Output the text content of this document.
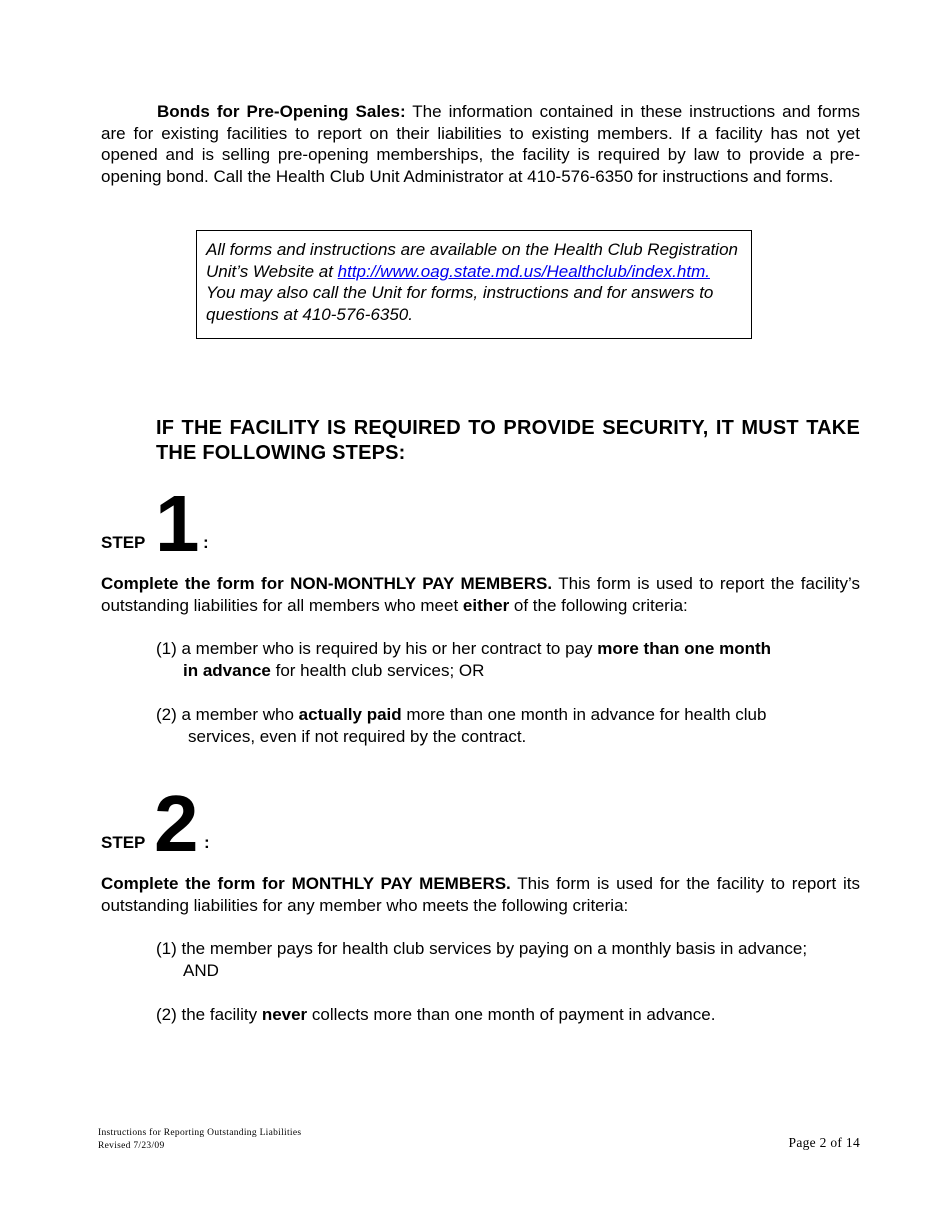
Bonds for Pre-Opening Sales: The information contained in these instructions and forms are for existing facilities to report on their liabilities to existing members. If a facility has not yet opened and is selling pre-opening memberships, the facility is required by law to provide a pre-opening bond. Call the Health Club Unit Administrator at 410-576-6350 for instructions and forms.

All forms and instructions are available on the Health Club Registration Unit’s Website at http://www.oag.state.md.us/Healthclub/index.htm. You may also call the Unit for forms, instructions and for answers to questions at 410-576-6350.

IF THE FACILITY IS REQUIRED TO PROVIDE SECURITY, IT MUST TAKE THE FOLLOWING STEPS:

STEP 1 :

Complete the form for NON-MONTHLY PAY MEMBERS. This form is used to report the facility’s outstanding liabilities for all members who meet either of the following criteria:

(1) a member who is required by his or her contract to pay more than one month
in advance for health club services; OR
(2) a member who actually paid more than one month in advance for health club
services, even if not required by the contract.
STEP 2 :

Complete the form for MONTHLY PAY MEMBERS. This form is used for the facility to report its outstanding liabilities for any member who meets the following criteria:

(1) the member pays for health club services by paying on a monthly basis in advance;
AND
(2) the facility never collects more than one month of payment in advance.
Instructions for Reporting Outstanding Liabilities
Revised 7/23/09	Page 2 of 14
